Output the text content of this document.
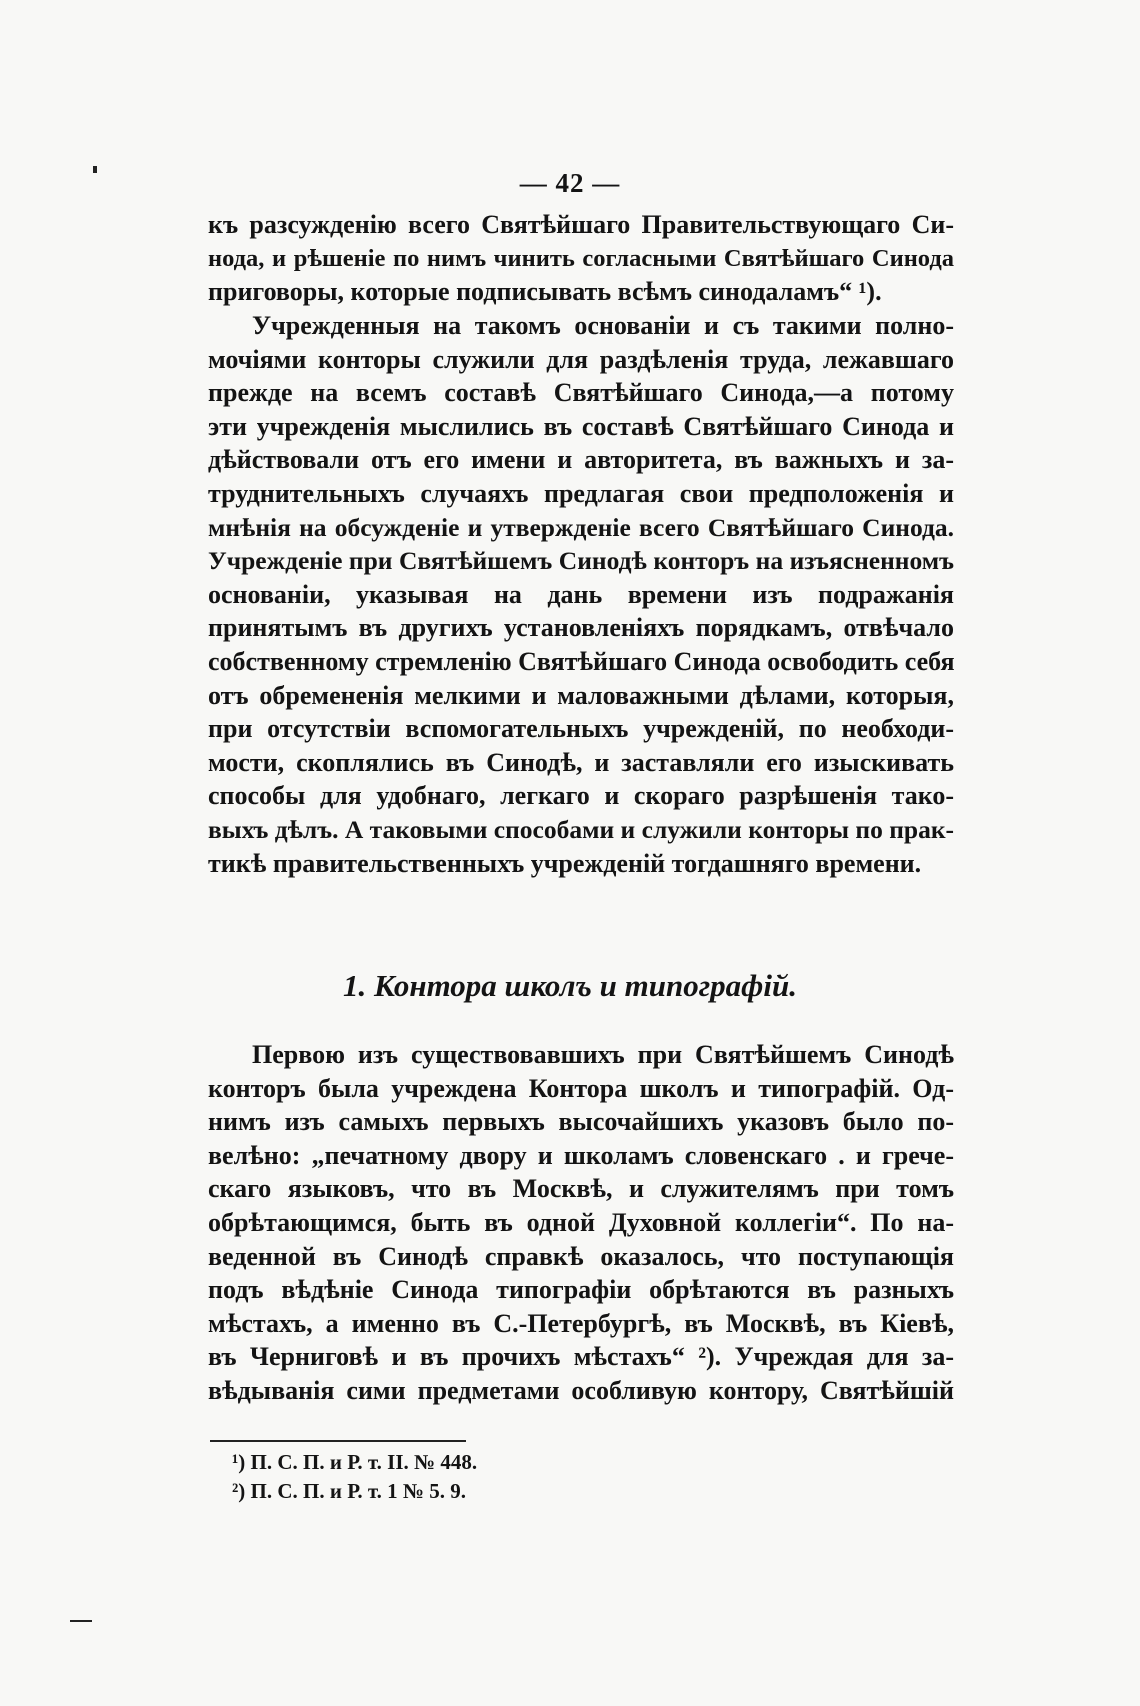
— 42 —
къ разсужденію всего Святѣйшаго Правительствующаго Си-
нода, и рѣшеніе по нимъ чинить согласными Святѣйшаго Синода
приговоры, которые подписывать всѣмъ синодаламъ“ ¹).
Учрежденныя на такомъ основаніи и съ такими полно-
мочіями конторы служили для раздѣленія труда, лежавшаго
прежде на всемъ составѣ Святѣйшаго Синода,—а потому
эти учрежденія мыслились въ составѣ Святѣйшаго Синода и
дѣйствовали отъ его имени и авторитета, въ важныхъ и за-
труднительныхъ случаяхъ предлагая свои предположенія и
мнѣнія на обсужденіе и утвержденіе всего Святѣйшаго Синода.
Учрежденіе при Святѣйшемъ Синодѣ конторъ на изъясненномъ
основаніи, указывая на дань времени изъ подражанія
принятымъ въ другихъ установленіяхъ порядкамъ, отвѣчало
собственному стремленію Святѣйшаго Синода освободить себя
отъ обремененія мелкими и маловажными дѣлами, которыя,
при отсутствіи вспомогательныхъ учрежденій, по необходи-
мости, скоплялись въ Синодѣ, и заставляли его изыскивать
способы для удобнаго, легкаго и скораго разрѣшенія тако-
выхъ дѣлъ. А таковыми способами и служили конторы по прак-
тикѣ правительственныхъ учрежденій тогдашняго времени.
1. Контора школъ и типографій.
Первою изъ существовавшихъ при Святѣйшемъ Синодѣ
конторъ была учреждена Контора школъ и типографій. Од-
нимъ изъ самыхъ первыхъ высочайшихъ указовъ было по-
велѣно: „печатному двору и школамъ словенскаго . и грече-
скаго языковъ, что въ Москвѣ, и служителямъ при томъ
обрѣтающимся, быть въ одной Духовной коллегіи“. По на-
веденной въ Синодѣ справкѣ оказалось, что поступающія
подъ вѣдѣніе Синода типографіи обрѣтаются въ разныхъ
мѣстахъ, а именно въ С.-Петербургѣ, въ Москвѣ, въ Кіевѣ,
въ Черниговѣ и въ прочихъ мѣстахъ“ ²). Учреждая для за-
вѣдыванія сими предметами особливую контору, Святѣйшій
¹) П. С. П. и Р. т. II. № 448.
²) П. С. П. и Р. т. 1 № 5. 9.
